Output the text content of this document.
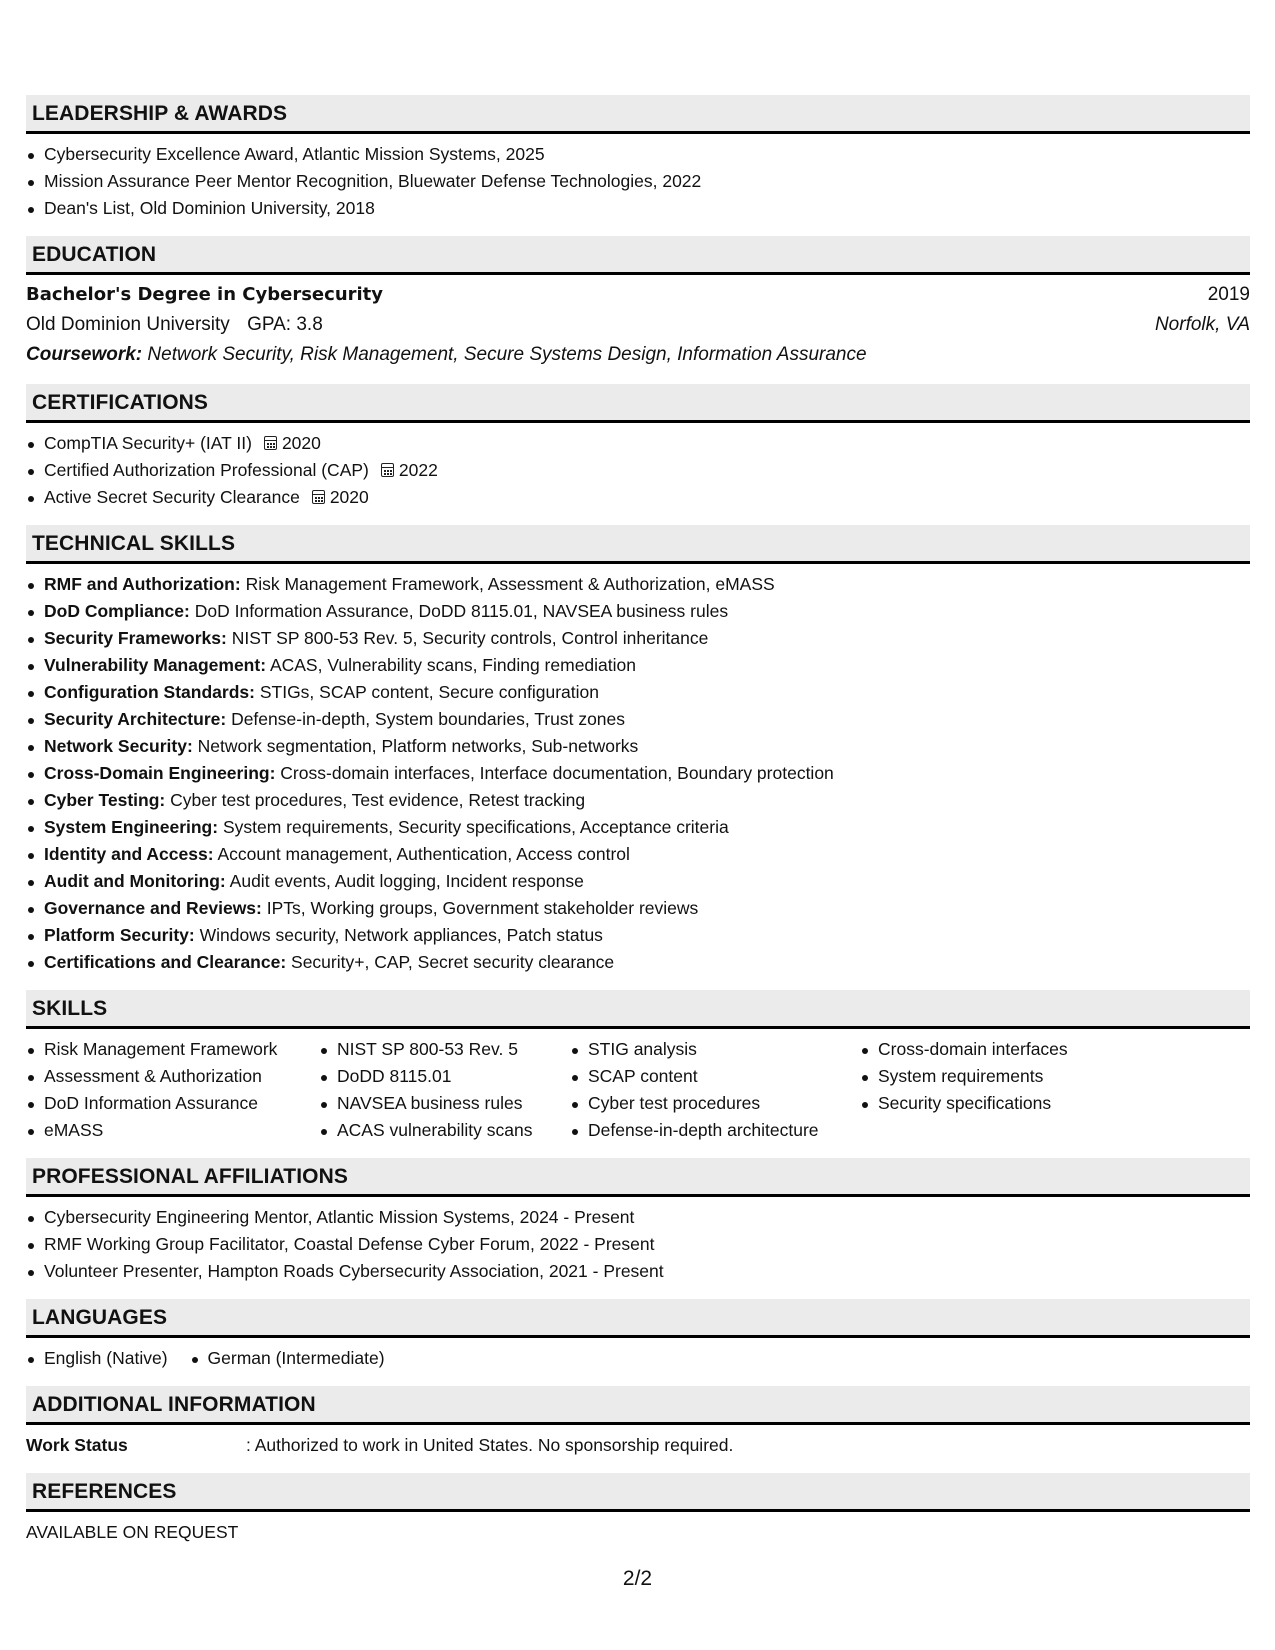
LEADERSHIP & AWARDS
Cybersecurity Excellence Award, Atlantic Mission Systems, 2025
Mission Assurance Peer Mentor Recognition, Bluewater Defense Technologies, 2022
Dean's List, Old Dominion University, 2018
EDUCATION
Bachelor's Degree in Cybersecurity	2019
Old Dominion University GPA: 3.8	Norfolk, VA
Coursework: Network Security, Risk Management, Secure Systems Design, Information Assurance
CERTIFICATIONS
CompTIA Security+ (IAT II) 2020
Certified Authorization Professional (CAP) 2022
Active Secret Security Clearance 2020
TECHNICAL SKILLS
RMF and Authorization: Risk Management Framework, Assessment & Authorization, eMASS
DoD Compliance: DoD Information Assurance, DoDD 8115.01, NAVSEA business rules
Security Frameworks: NIST SP 800-53 Rev. 5, Security controls, Control inheritance
Vulnerability Management: ACAS, Vulnerability scans, Finding remediation
Configuration Standards: STIGs, SCAP content, Secure configuration
Security Architecture: Defense-in-depth, System boundaries, Trust zones
Network Security: Network segmentation, Platform networks, Sub-networks
Cross-Domain Engineering: Cross-domain interfaces, Interface documentation, Boundary protection
Cyber Testing: Cyber test procedures, Test evidence, Retest tracking
System Engineering: System requirements, Security specifications, Acceptance criteria
Identity and Access: Account management, Authentication, Access control
Audit and Monitoring: Audit events, Audit logging, Incident response
Governance and Reviews: IPTs, Working groups, Government stakeholder reviews
Platform Security: Windows security, Network appliances, Patch status
Certifications and Clearance: Security+, CAP, Secret security clearance
SKILLS
Risk Management Framework
Assessment & Authorization
DoD Information Assurance
eMASS
NIST SP 800-53 Rev. 5
DoDD 8115.01
NAVSEA business rules
ACAS vulnerability scans
STIG analysis
SCAP content
Cyber test procedures
Defense-in-depth architecture
Cross-domain interfaces
System requirements
Security specifications
PROFESSIONAL AFFILIATIONS
Cybersecurity Engineering Mentor, Atlantic Mission Systems, 2024 - Present
RMF Working Group Facilitator, Coastal Defense Cyber Forum, 2022 - Present
Volunteer Presenter, Hampton Roads Cybersecurity Association, 2021 - Present
LANGUAGES
English (Native)	German (Intermediate)
ADDITIONAL INFORMATION
Work Status	: Authorized to work in United States. No sponsorship required.
REFERENCES
AVAILABLE ON REQUEST
2/2
